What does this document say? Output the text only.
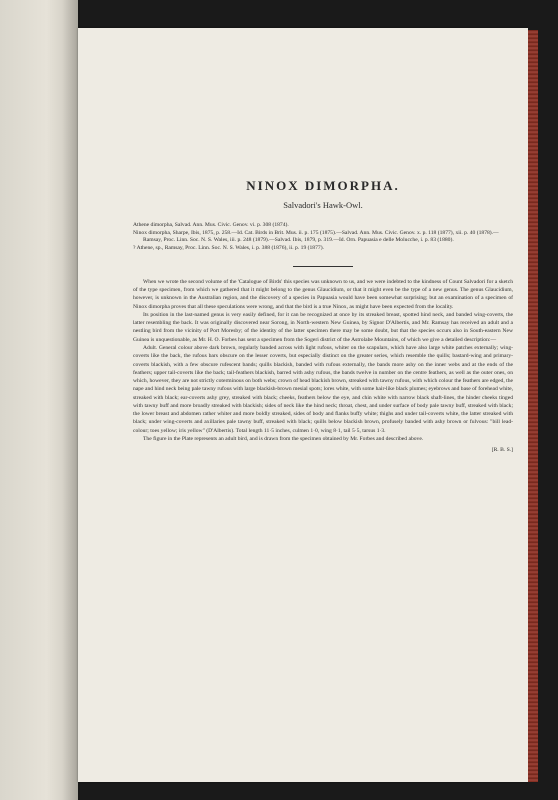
NINOX DIMORPHA.
Salvadori's Hawk-Owl.

Athene dimorpha, Salvad. Ann. Mus. Civic. Genov. vi. p. 308 (1874).

Ninox dimorpha, Sharpe, Ibis, 1875, p. 258.—Id. Cat. Birds in Brit. Mus. ii. p. 175 (1875).—Salvad. Ann. Mus. Civic. Genov. x. p. 118 (1877), xii. p. 40 (1878).—Ramsay, Proc. Linn. Soc. N. S. Wales, iii. p. 248 (1879).—Salvad. Ibis, 1879, p. 319.—Id. Orn. Papuasia e delle Molucche, i. p. 83 (1880).

? Athene, sp., Ramsay, Proc. Linn. Soc. N. S. Wales, i. p. 388 (1876), ii. p. 19 (1877).

When we wrote the second volume of the 'Catalogue of Birds' this species was unknown to us, and we were indebted to the kindness of Count Salvadori for a sketch of the type specimen, from which we gathered that it might belong to the genus Glaucidium, or that it might even be the type of a new genus. The genus Glaucidium, however, is unknown in the Australian region, and the discovery of a species in Papuasia would have been somewhat surprising; but an examination of a specimen of Ninox dimorpha proves that all these speculations were wrong, and that the bird is a true Ninox, as might have been expected from the locality.

Its position in the last-named genus is very easily defined, for it can be recognized at once by its streaked breast, spotted hind neck, and banded wing-coverts, the latter resembling the back. It was originally discovered near Sorong, in North-western New Guinea, by Signor D'Albertis, and Mr. Ramsay has received an adult and a nestling bird from the vicinity of Port Moresby; of the identity of the latter specimen there may be some doubt, but that the species occurs also in South-eastern New Guinea is unquestionable, as Mr. H. O. Forbes has sent a specimen from the Sogeri district of the Astrolabe Mountains, of which we give a detailed description:—

Adult. General colour above dark brown, regularly banded across with light rufous, whiter on the scapulars, which have also large white patches externally; wing-coverts like the back, the rufous bars obscure on the lesser coverts, but especially distinct on the greater series, which resemble the quills; bastard-wing and primary-coverts blackish, with a few obscure rufescent bands; quills blackish, banded with rufous externally, the bands more ashy on the inner webs and at the ends of the feathers; upper tail-coverts like the back; tail-feathers blackish, barred with ashy rufous, the bands twelve in number on the centre feathers, as well as the outer ones, on which, however, they are not strictly coterminous on both webs; crown of head blackish brown, streaked with tawny rufous, with which colour the feathers are edged, the nape and hind neck being pale tawny rufous with large blackish-brown mesial spots; lores white, with some hair-like black plumes; eyebrows and base of forehead white, streaked with black; ear-coverts ashy grey, streaked with black; cheeks, feathers below the eye, and chin white with narrow black shaft-lines, the hinder cheeks tinged with tawny buff and more broadly streaked with blackish; sides of neck like the hind neck; throat, chest, and under surface of body pale tawny buff, streaked with black; the lower breast and abdomen rather whiter and more boldly streaked, sides of body and flanks buffy white; thighs and under tail-coverts white, the latter streaked with black; under wing-coverts and axillaries pale tawny buff, streaked with black; quills below blackish brown, profusely banded with ashy brown or fulvous: "bill lead-colour; toes yellow; iris yellow" (D'Albertis). Total length 11·5 inches, culmen 1·0, wing 8·1, tail 5·5, tarsus 1·3.

The figure in the Plate represents an adult bird, and is drawn from the specimen obtained by Mr. Forbes and described above.

[R. B. S.]
